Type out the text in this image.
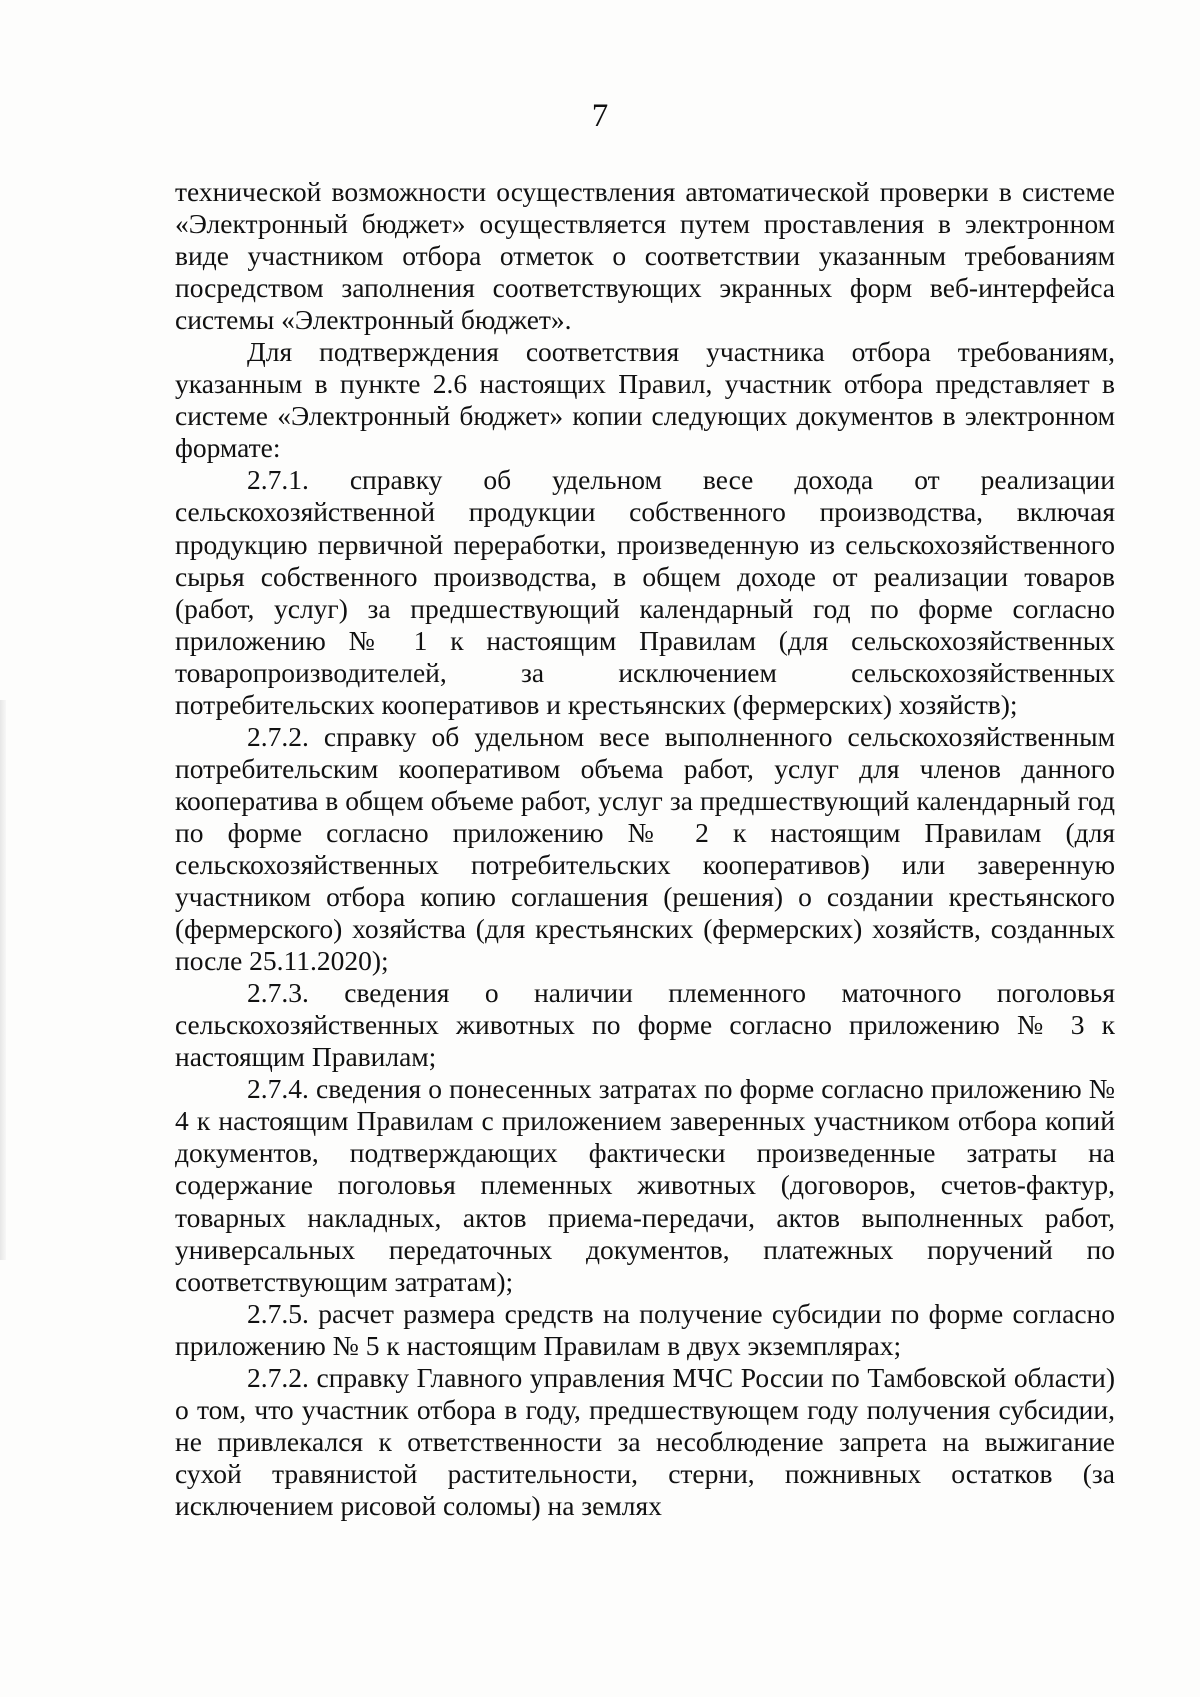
7

технической возможности осуществления автоматической проверки в системе «Электронный бюджет» осуществляется путем проставления в электронном виде участником отбора отметок о соответствии указанным требованиям посредством заполнения соответствующих экранных форм веб-интерфейса системы «Электронный бюджет».

Для подтверждения соответствия участника отбора требованиям, указанным в пункте 2.6 настоящих Правил, участник отбора представляет в системе «Электронный бюджет» копии следующих документов в электронном формате:

2.7.1. справку об удельном весе дохода от реализации сельскохозяйственной продукции собственного производства, включая продукцию первичной переработки, произведенную из сельскохозяйственного сырья собственного производства, в общем доходе от реализации товаров (работ, услуг) за предшествующий календарный год по форме согласно приложению № 1 к настоящим Правилам (для сельскохозяйственных товаропроизводителей, за исключением сельскохозяйственных потребительских кооперативов и крестьянских (фермерских) хозяйств);

2.7.2. справку об удельном весе выполненного сельскохозяйственным потребительским кооперативом объема работ, услуг для членов данного кооператива в общем объеме работ, услуг за предшествующий календарный год по форме согласно приложению № 2 к настоящим Правилам (для сельскохозяйственных потребительских кооперативов) или заверенную участником отбора копию соглашения (решения) о создании крестьянского (фермерского) хозяйства (для крестьянских (фермерских) хозяйств, созданных после 25.11.2020);

2.7.3. сведения о наличии племенного маточного поголовья сельскохозяйственных животных по форме согласно приложению № 3 к настоящим Правилам;

2.7.4. сведения о понесенных затратах по форме согласно приложению № 4 к настоящим Правилам с приложением заверенных участником отбора копий документов, подтверждающих фактически произведенные затраты на содержание поголовья племенных животных (договоров, счетов-фактур, товарных накладных, актов приема-передачи, актов выполненных работ, универсальных передаточных документов, платежных поручений по соответствующим затратам);

2.7.5. расчет размера средств на получение субсидии по форме согласно приложению № 5 к настоящим Правилам в двух экземплярах;

2.7.2. справку Главного управления МЧС России по Тамбовской области) о том, что участник отбора в году, предшествующем году получения субсидии, не привлекался к ответственности за несоблюдение запрета на выжигание сухой травянистой растительности, стерни, пожнивных остатков (за исключением рисовой соломы) на землях
